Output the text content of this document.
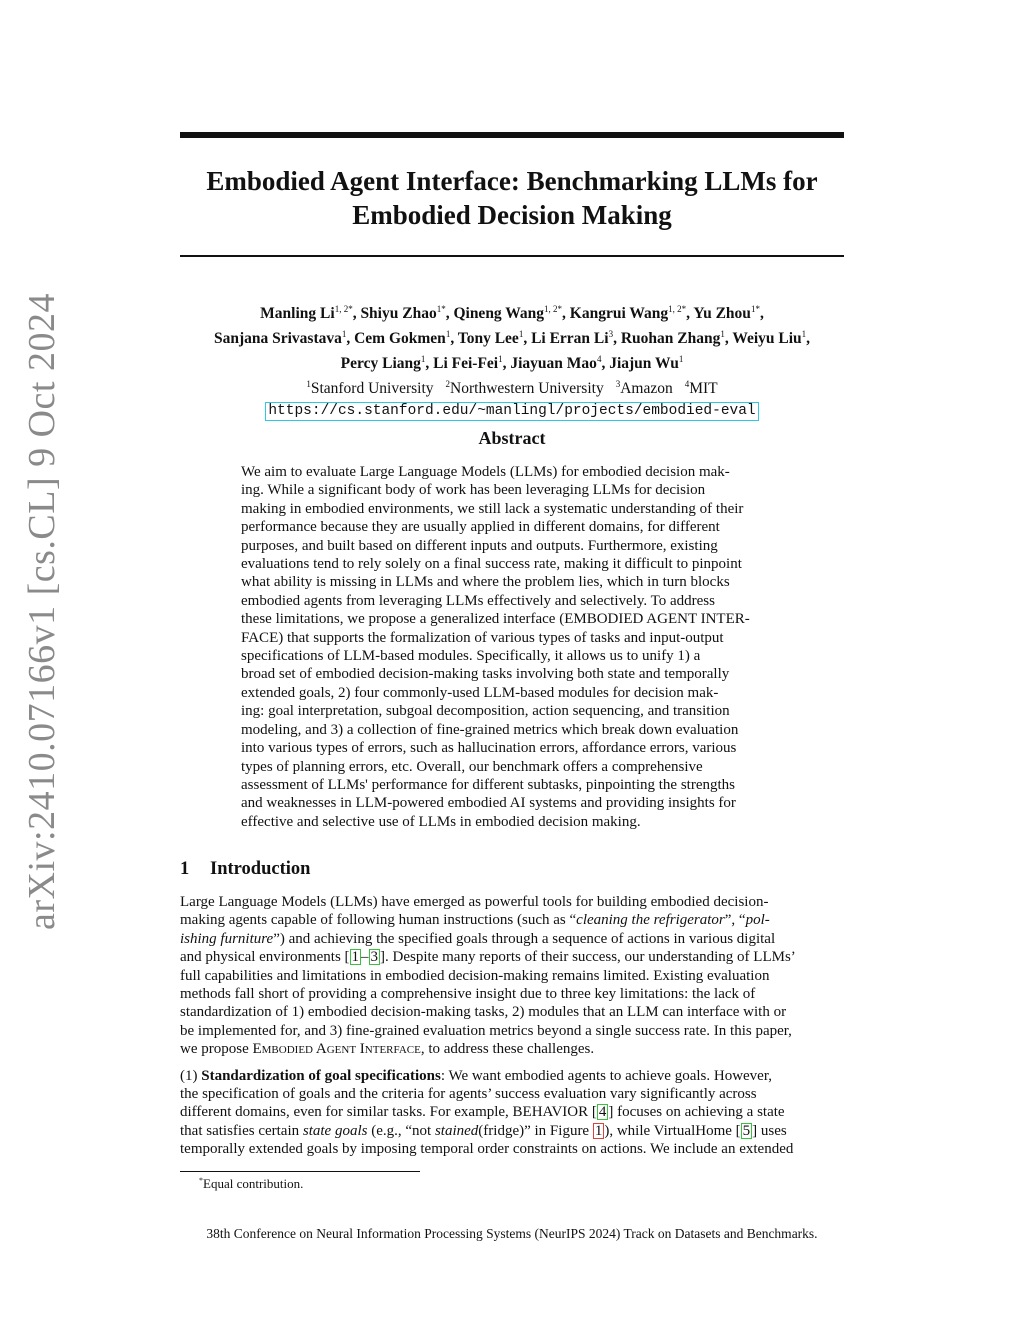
arXiv:2410.07166v1 [cs.CL] 9 Oct 2024
Embodied Agent Interface: Benchmarking LLMs for
Embodied Decision Making
Manling $Li^{1, 2*}$, Shiyu Zhao$^{1*}$, Qineng Wang$^{1, 2*}$, Kangrui Wang$^{1, 2*}$, Yu Zhou$^{1*}$,
Sanjana Srivastava$^1$, Cem Gokmen$^1$, Tony Lee$^1$, Li Erran Li$^3$, Ruohan Zhang$^1$, Weiyu Liu$^1$,
Percy Liang$^1$, Li Fei-Fei$^1$, Jiayuan Mao$^4$, Jiajun Wu$^1$
$^1$Stanford University $^2$Northwestern University $^3$Amazon $^4$MIT
https://cs.stanford.edu/~manlingl/projects/embodied-eval
Abstract

We aim to evaluate Large Language Models (LLMs) for embodied decision mak-

ing. While a significant body of work has been leveraging LLMs for decision

making in embodied environments, we still lack a systematic understanding of their

performance because they are usually applied in different domains, for different

purposes, and built based on different inputs and outputs. Furthermore, existing

evaluations tend to rely solely on a final success rate, making it difficult to pinpoint

what ability is missing in LLMs and where the problem lies, which in turn blocks

embodied agents from leveraging LLMs effectively and selectively. To address

these limitations, we propose a generalized interface (EMBODIED AGENT INTER-

FACE) that supports the formalization of various types of tasks and input-output

specifications of LLM-based modules. Specifically, it allows us to unify 1) a

broad set of embodied decision-making tasks involving both state and temporally

extended goals, 2) four commonly-used LLM-based modules for decision mak-

ing: goal interpretation, subgoal decomposition, action sequencing, and transition

modeling, and 3) a collection of fine-grained metrics which break down evaluation

into various types of errors, such as hallucination errors, affordance errors, various

types of planning errors, etc. Overall, our benchmark offers a comprehensive

assessment of LLMs' performance for different subtasks, pinpointing the strengths

and weaknesses in LLM-powered embodied AI systems and providing insights for

effective and selective use of LLMs in embodied decision making.

1 Introduction

Large Language Models (LLMs) have emerged as powerful tools for building embodied decision-

making agents capable of following human instructions (such as “cleaning the refrigerator”, “pol-

ishing furniture”) and achieving the specified goals through a sequence of actions in various digital

and physical environments [ 1 – 3 ]. Despite many reports of their success, our understanding of LLMs’

full capabilities and limitations in embodied decision-making remains limited. Existing evaluation

methods fall short of providing a comprehensive insight due to three key limitations: the lack of

standardization of 1) embodied decision-making tasks, 2) modules that an LLM can interface with or

be implemented for, and 3) fine-grained evaluation metrics beyond a single success rate. In this paper,

we propose Embodied Agent Interface, to address these challenges.

(1) Standardization of goal specifications: We want embodied agents to achieve goals. However,

the specification of goals and the criteria for agents’ success evaluation vary significantly across

different domains, even for similar tasks. For example, BEHAVIOR [ 4 ] focuses on achieving a state

that satisfies certain state goals (e.g., “not stained(fridge)” in Figure 1 ), while VirtualHome [ 5 ] uses

temporally extended goals by imposing temporal order constraints on actions. We include an extended

*Equal contribution.
38th Conference on Neural Information Processing Systems (NeurIPS 2024) Track on Datasets and Benchmarks.
